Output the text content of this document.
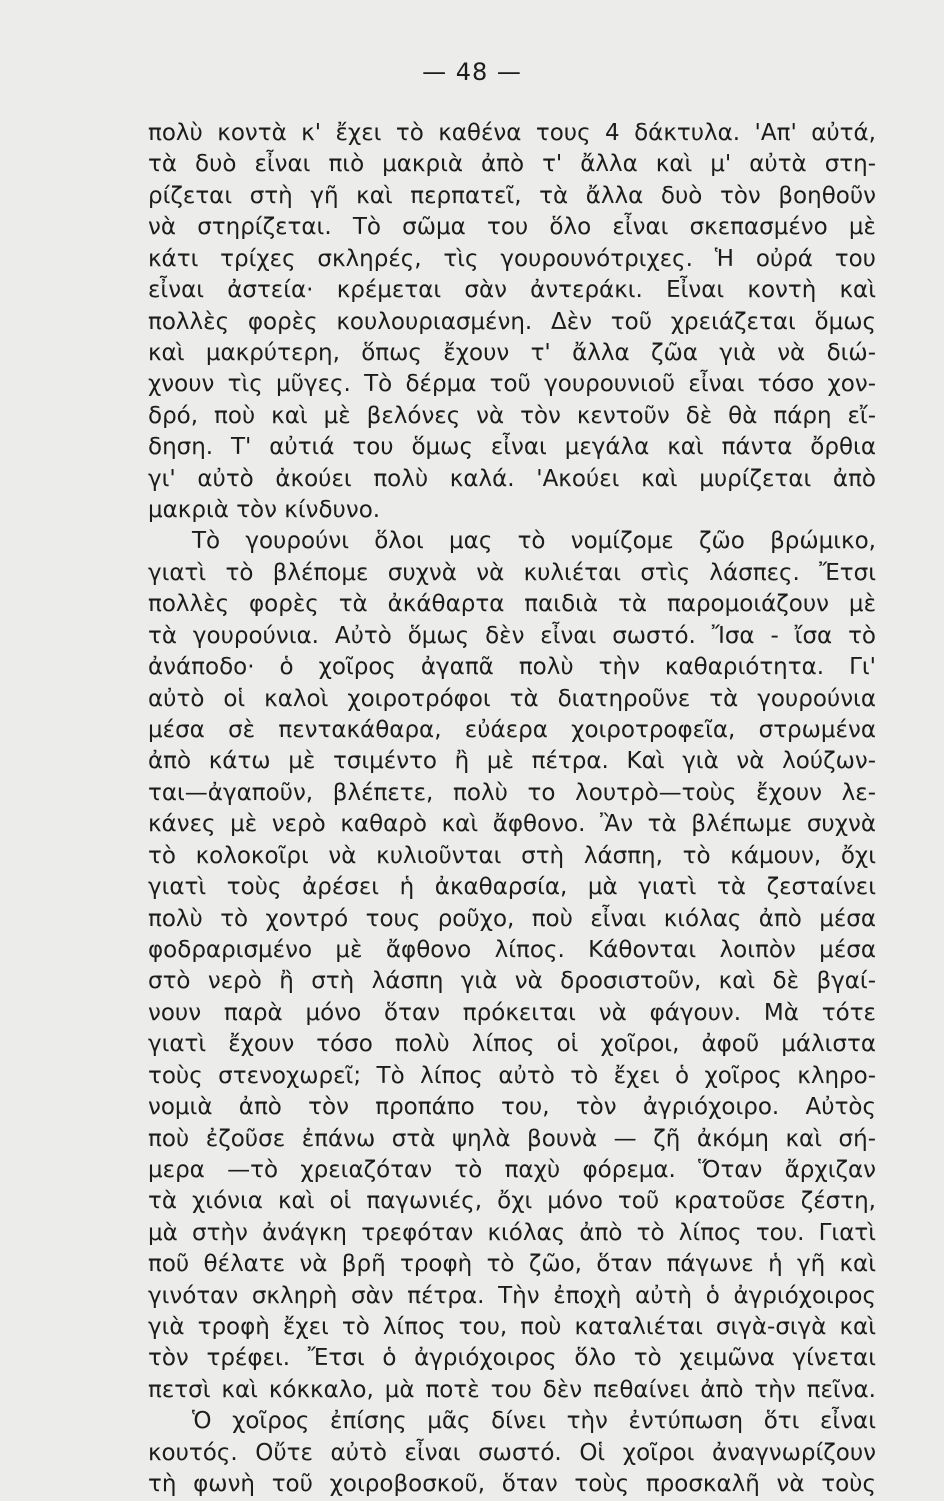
— 48 —
πολὺ κοντὰ κ' ἔχει τὸ καθένα τους 4 δάκτυλα. 'Απ' αὐτά,
τὰ δυὸ εἶναι πιὸ μακριὰ ἀπὸ τ' ἄλλα καὶ μ' αὐτὰ στη-
ρίζεται στὴ γῆ καὶ περπατεῖ, τὰ ἄλλα δυὸ τὸν βοηθοῦν
νὰ στηρίζεται. Τὸ σῶμα του ὅλο εἶναι σκεπασμένο μὲ
κάτι τρίχες σκληρές, τὶς γουρουνότριχες. Ἡ οὐρά του
εἶναι ἀστεία· κρέμεται σὰν ἀντεράκι. Εἶναι κοντὴ καὶ
πολλὲς φορὲς κουλουριασμένη. Δὲν τοῦ χρειάζεται ὅμως
καὶ μακρύτερη, ὅπως ἔχουν τ' ἄλλα ζῶα γιὰ νὰ διώ-
χνουν τὶς μῦγες. Τὸ δέρμα τοῦ γουρουνιοῦ εἶναι τόσο χον-
δρό, ποὺ καὶ μὲ βελόνες νὰ τὸν κεντοῦν δὲ θὰ πάρη εἴ-
δηση. Τ' αὐτιά του ὅμως εἶναι μεγάλα καὶ πάντα ὄρθια
γι' αὐτὸ ἀκούει πολὺ καλά. 'Ακούει καὶ μυρίζεται ἀπὸ
μακριὰ τὸν κίνδυνο.
Τὸ γουρούνι ὅλοι μας τὸ νομίζομε ζῶο βρώμικο,
γιατὶ τὸ βλέπομε συχνὰ νὰ κυλιέται στὶς λάσπες. Ἔτσι
πολλὲς φορὲς τὰ ἀκάθαρτα παιδιὰ τὰ παρομοιάζουν μὲ
τὰ γουρούνια. Αὐτὸ ὅμως δὲν εἶναι σωστό. Ἴσα - ἴσα τὸ
ἀνάποδο· ὁ χοῖρος ἀγαπᾶ πολὺ τὴν καθαριότητα. Γι'
αὐτὸ οἱ καλοὶ χοιροτρόφοι τὰ διατηροῦνε τὰ γουρούνια
μέσα σὲ πεντακάθαρα, εὐάερα χοιροτροφεῖα, στρωμένα
ἀπὸ κάτω μὲ τσιμέντο ἢ μὲ πέτρα. Καὶ γιὰ νὰ λούζων-
ται—ἀγαποῦν, βλέπετε, πολὺ το λουτρὸ—τοὺς ἔχουν λε-
κάνες μὲ νερὸ καθαρὸ καὶ ἄφθονο. Ἂν τὰ βλέπωμε συχνὰ
τὸ κολοκοῖρι νὰ κυλιοῦνται στὴ λάσπη, τὸ κάμουν, ὄχι
γιατὶ τοὺς ἀρέσει ἡ ἀκαθαρσία, μὰ γιατὶ τὰ ζεσταίνει
πολὺ τὸ χοντρό τους ροῦχο, ποὺ εἶναι κιόλας ἀπὸ μέσα
φοδραρισμένο μὲ ἄφθονο λίπος. Κάθονται λοιπὸν μέσα
στὸ νερὸ ἢ στὴ λάσπη γιὰ νὰ δροσιστοῦν, καὶ δὲ βγαί-
νουν παρὰ μόνο ὅταν πρόκειται νὰ φάγουν. Μὰ τότε
γιατὶ ἔχουν τόσο πολὺ λίπος οἱ χοῖροι, ἀφοῦ μάλιστα
τοὺς στενοχωρεῖ; Τὸ λίπος αὐτὸ τὸ ἔχει ὁ χοῖρος κληρο-
νομιὰ ἀπὸ τὸν προπάπο του, τὸν ἀγριόχοιρο. Αὐτὸς
ποὺ ἐζοῦσε ἐπάνω στὰ ψηλὰ βουνὰ — ζῆ ἀκόμη καὶ σή-
μερα —τὸ χρειαζόταν τὸ παχὺ φόρεμα. Ὅταν ἄρχιζαν
τὰ χιόνια καὶ οἱ παγωνιές, ὄχι μόνο τοῦ κρατοῦσε ζέστη,
μὰ στὴν ἀνάγκη τρεφόταν κιόλας ἀπὸ τὸ λίπος του. Γιατὶ
ποῦ θέλατε νὰ βρῆ τροφὴ τὸ ζῶο, ὅταν πάγωνε ἡ γῆ καὶ
γινόταν σκληρὴ σὰν πέτρα. Τὴν ἐποχὴ αὐτὴ ὁ ἀγριόχοιρος
γιὰ τροφὴ ἔχει τὸ λίπος του, ποὺ καταλιέται σιγὰ-σιγὰ καὶ
τὸν τρέφει. Ἔτσι ὁ ἀγριόχοιρος ὅλο τὸ χειμῶνα γίνεται
πετσὶ καὶ κόκκαλο, μὰ ποτὲ του δὲν πεθαίνει ἀπὸ τὴν πεῖνα.
Ὁ χοῖρος ἐπίσης μᾶς δίνει τὴν ἐντύπωση ὅτι εἶναι
κουτός. Οὔτε αὐτὸ εἶναι σωστό. Οἱ χοῖροι ἀναγνωρίζουν
τὴ φωνὴ τοῦ χοιροβοσκοῦ, ὅταν τοὺς προσκαλῆ νὰ τοὺς
